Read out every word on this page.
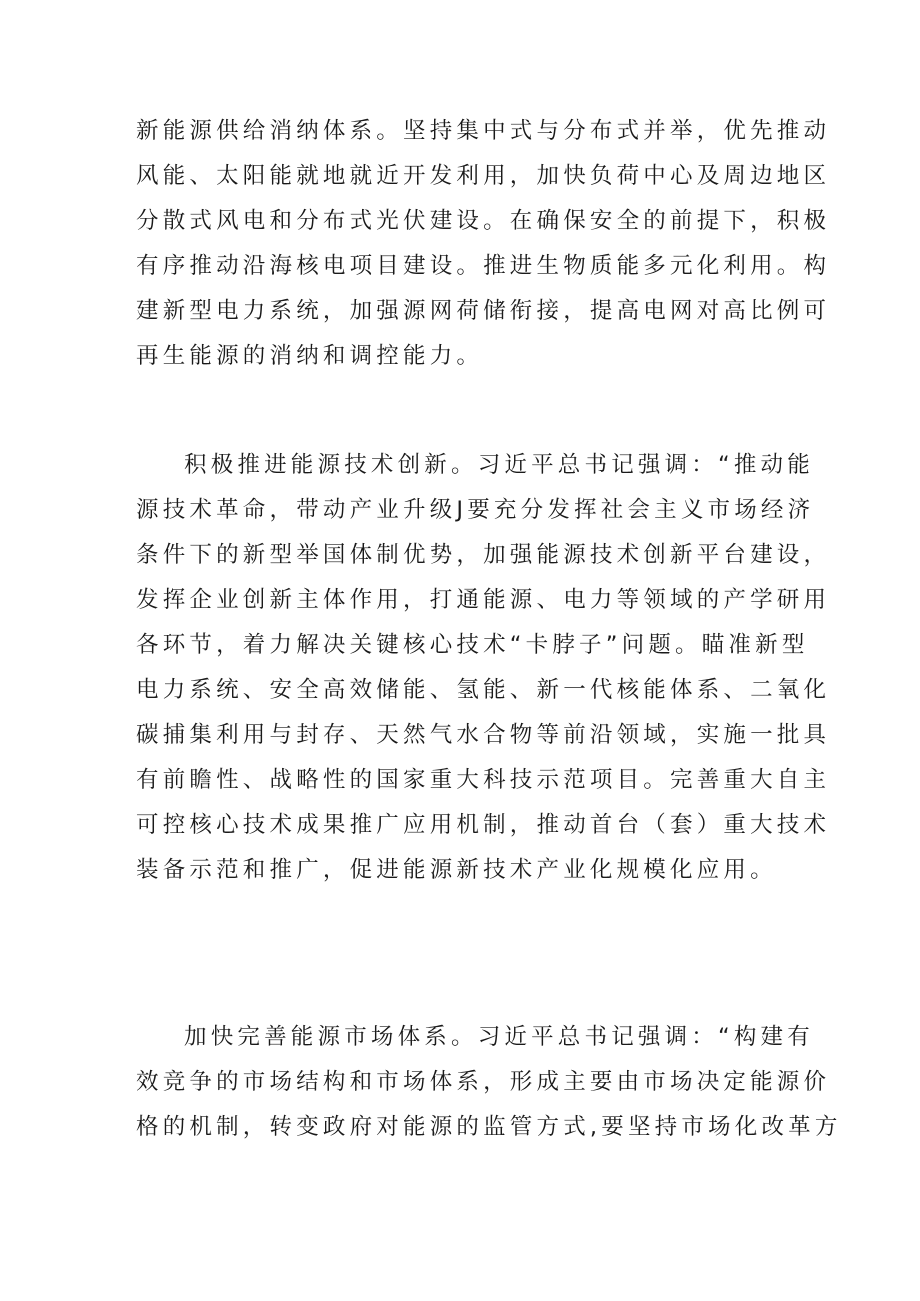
新能源供给消纳体系。坚持集中式与分布式并举，优先推动
风能、太阳能就地就近开发利用，加快负荷中心及周边地区
分散式风电和分布式光伏建设。在确保安全的前提下，积极
有序推动沿海核电项目建设。推进生物质能多元化利用。构
建新型电力系统，加强源网荷储衔接，提高电网对高比例可
再生能源的消纳和调控能力。
积极推进能源技术创新。习近平总书记强调：“推动能
源技术革命，带动产业升级J要充分发挥社会主义市场经济
条件下的新型举国体制优势，加强能源技术创新平台建设，
发挥企业创新主体作用，打通能源、电力等领域的产学研用
各环节，着力解决关键核心技术“卡脖子”问题。瞄准新型
电力系统、安全高效储能、氢能、新一代核能体系、二氧化
碳捕集利用与封存、天然气水合物等前沿领域，实施一批具
有前瞻性、战略性的国家重大科技示范项目。完善重大自主
可控核心技术成果推广应用机制，推动首台（套）重大技术
装备示范和推广，促进能源新技术产业化规模化应用。
加快完善能源市场体系。习近平总书记强调：“构建有
效竞争的市场结构和市场体系，形成主要由市场决定能源价
格的机制，转变政府对能源的监管方式,要坚持市场化改革方
